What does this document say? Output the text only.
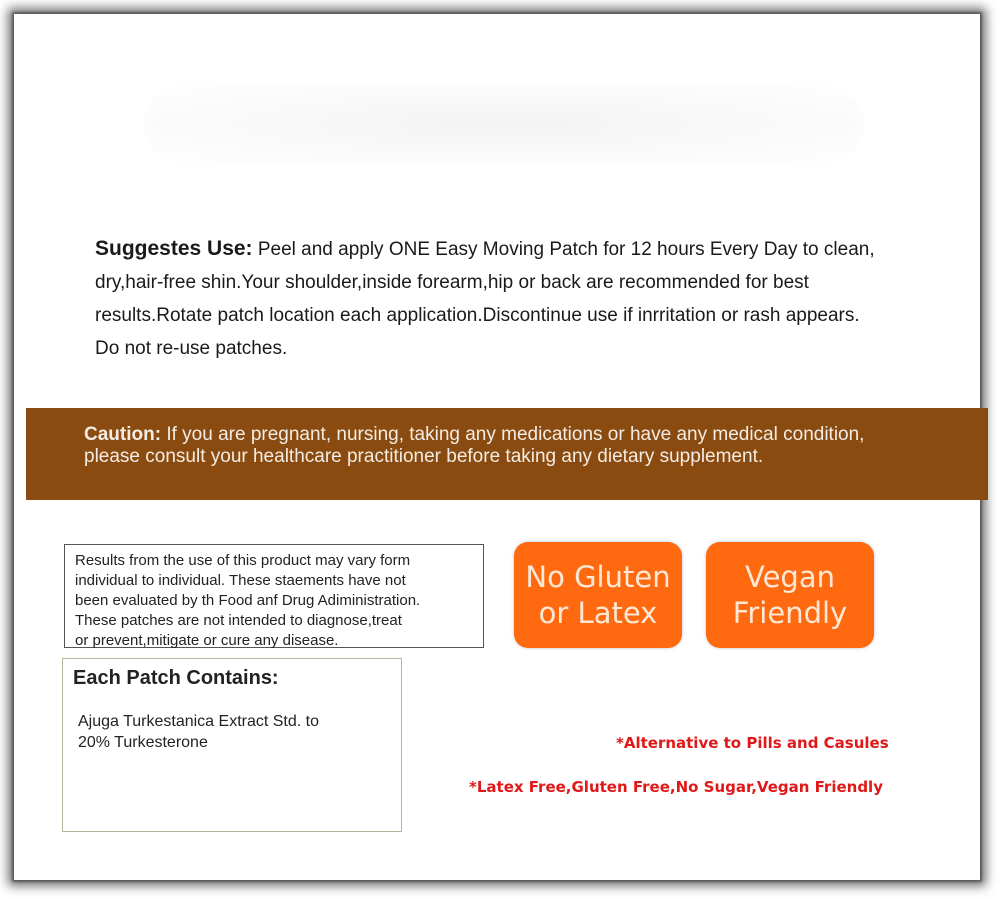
Suggestes Use: Peel and apply ONE Easy Moving Patch for 12 hours Every Day to clean,
dry,hair-free shin.Your shoulder,inside forearm,hip or back are recommended for best
results.Rotate patch location each application.Discontinue use if inrritation or rash appears.
Do not re-use patches.
Caution: If you are pregnant, nursing, taking any medications or have any medical condition,
please consult your healthcare practitioner before taking any dietary supplement.
Results from the use of this product may vary form
individual to individual. These staements have not
been evaluated by th Food anf Drug Adiministration.
These patches are not intended to diagnose,treat
or prevent,mitigate or cure any disease.
Each Patch Contains:
Ajuga Turkestanica Extract Std. to
20% Turkesterone
No Gluten
or Latex
Vegan
Friendly
*Alternative to Pills and Casules
*Latex Free,Gluten Free,No Sugar,Vegan Friendly
